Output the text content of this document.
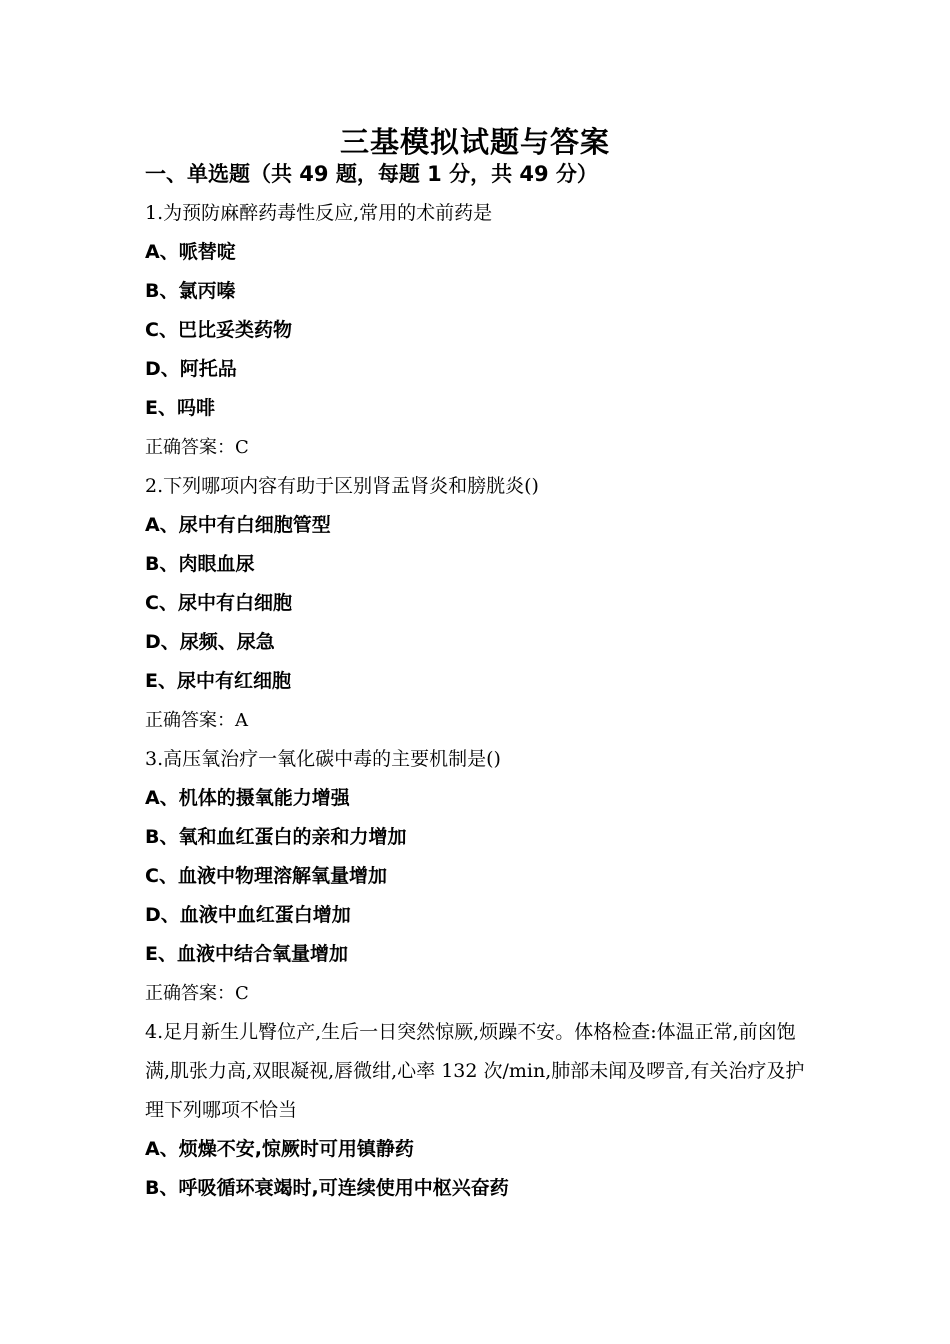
三基模拟试题与答案
一、单选题（共 49 题，每题 1 分，共 49 分）

1.为预防麻醉药毒性反应,常用的术前药是

A、哌替啶
B、氯丙嗪
C、巴比妥类药物
D、阿托品
E、吗啡

正确答案：C

2.下列哪项内容有助于区别肾盂肾炎和膀胱炎()

A、尿中有白细胞管型
B、肉眼血尿
C、尿中有白细胞
D、尿频、尿急
E、尿中有红细胞

正确答案：A

3.高压氧治疗一氧化碳中毒的主要机制是()

A、机体的摄氧能力增强
B、氧和血红蛋白的亲和力增加
C、血液中物理溶解氧量增加
D、血液中血红蛋白增加
E、血液中结合氧量增加

正确答案：C

4.足月新生儿臀位产,生后一日突然惊厥,烦躁不安。体格检查:体温正常,前囟饱满,肌张力高,双眼凝视,唇微绀,心率 132 次/min,肺部未闻及啰音,有关治疗及护理下列哪项不恰当

A、烦燥不安,惊厥时可用镇静药
B、呼吸循环衰竭时,可连续使用中枢兴奋药
